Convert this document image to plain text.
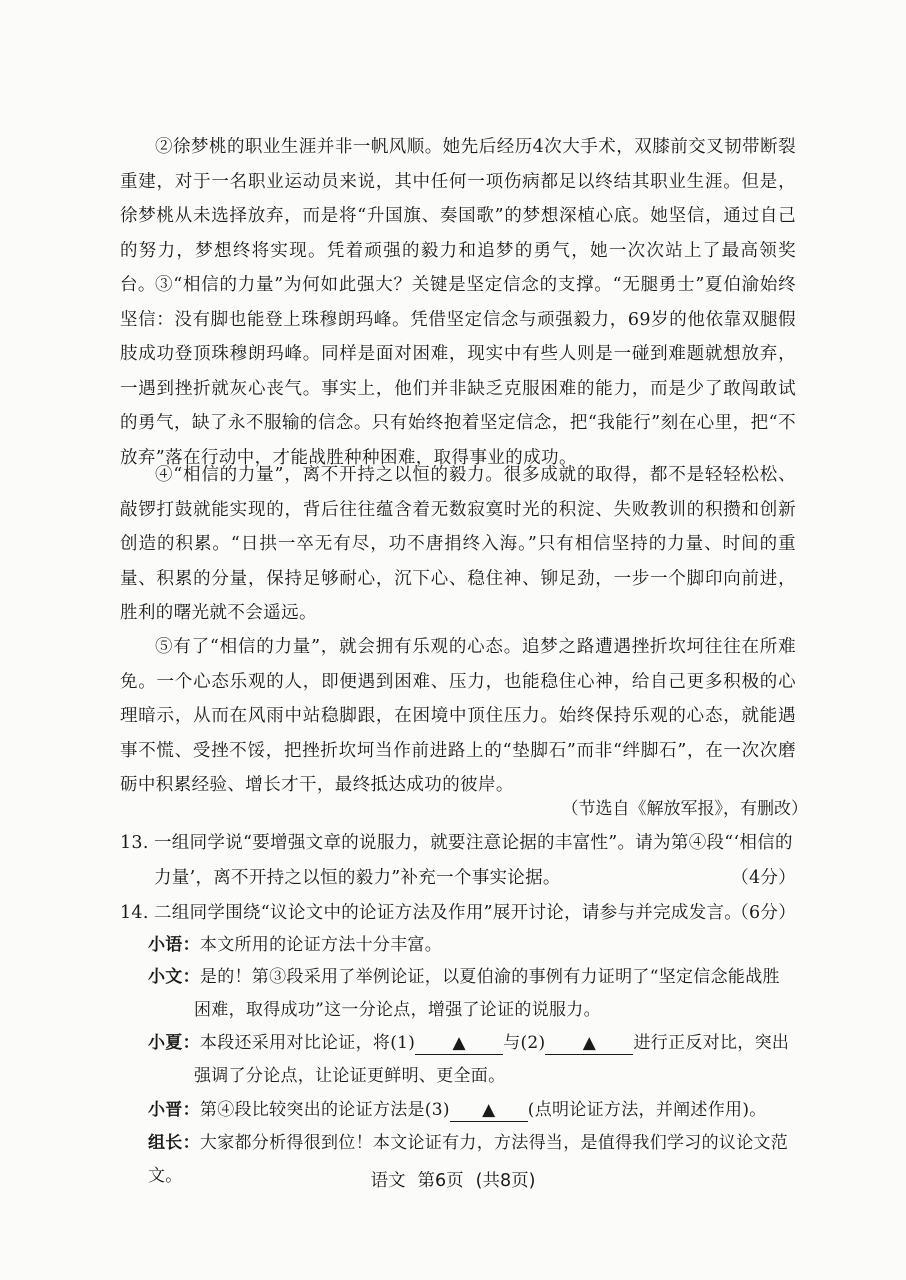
②徐梦桃的职业生涯并非一帆风顺。她先后经历4次大手术，双膝前交叉韧带断裂重建，对于一名职业运动员来说，其中任何一项伤病都足以终结其职业生涯。但是，徐梦桃从未选择放弃，而是将“升国旗、奏国歌”的梦想深植心底。她坚信，通过自己的努力，梦想终将实现。凭着顽强的毅力和追梦的勇气，她一次次站上了最高领奖台。 ③“相信的力量”为何如此强大？关键是坚定信念的支撑。“无腿勇士”夏伯渝始终坚信：没有脚也能登上珠穆朗玛峰。凭借坚定信念与顽强毅力，69岁的他依靠双腿假肢成功登顶珠穆朗玛峰。同样是面对困难，现实中有些人则是一碰到难题就想放弃，一遇到挫折就灰心丧气。事实上，他们并非缺乏克服困难的能力，而是少了敢闯敢试的勇气，缺了永不服输的信念。只有始终抱着坚定信念，把“我能行”刻在心里，把“不放弃”落在行动中，才能战胜种种困难，取得事业的成功。

④“相信的力量”，离不开持之以恒的毅力。很多成就的取得，都不是轻轻松松、敲锣打鼓就能实现的，背后往往蕴含着无数寂寞时光的积淀、失败教训的积攒和创新创造的积累。“日拱一卒无有尽，功不唐捐终入海。”只有相信坚持的力量、时间的重量、积累的分量，保持足够耐心，沉下心、稳住神、铆足劲，一步一个脚印向前进，胜利的曙光就不会遥远。

⑤有了“相信的力量”，就会拥有乐观的心态。追梦之路遭遇挫折坎坷往往在所难免。一个心态乐观的人，即便遇到困难、压力，也能稳住心神，给自己更多积极的心理暗示，从而在风雨中站稳脚跟，在困境中顶住压力。始终保持乐观的心态，就能遇事不慌、受挫不馁，把挫折坎坷当作前进路上的“垫脚石”而非“绊脚石”，在一次次磨砺中积累经验、增长才干，最终抵达成功的彼岸。

（节选自《解放军报》，有删改）

13. 一组同学说“要增强文章的说服力，就要注意论据的丰富性”。请为第④段“‘相信的力量’，离不开持之以恒的毅力”补充一个事实论据。	（4分）
14. 二组同学围绕“议论文中的论证方法及作用”展开讨论，请参与并完成发言。
（6分）
小语：本文所用的论证方法十分丰富。
小文：是的！第③段采用了举例论证，以夏伯渝的事例有力证明了“坚定信念能战胜
困难，取得成功”这一分论点，增强了论证的说服力。
小夏：本段还采用对比论证，将(1) ▲ 与(2) ▲ 进行正反对比，突出
强调了分论点，让论证更鲜明、更全面。
小晋：第④段比较突出的论证方法是(3) ▲ (点明论证方法，并阐述作用)。
组长：大家都分析得很到位！本文论证有力，方法得当，是值得我们学习的议论文范文。	语文 第6页 (共8页)
